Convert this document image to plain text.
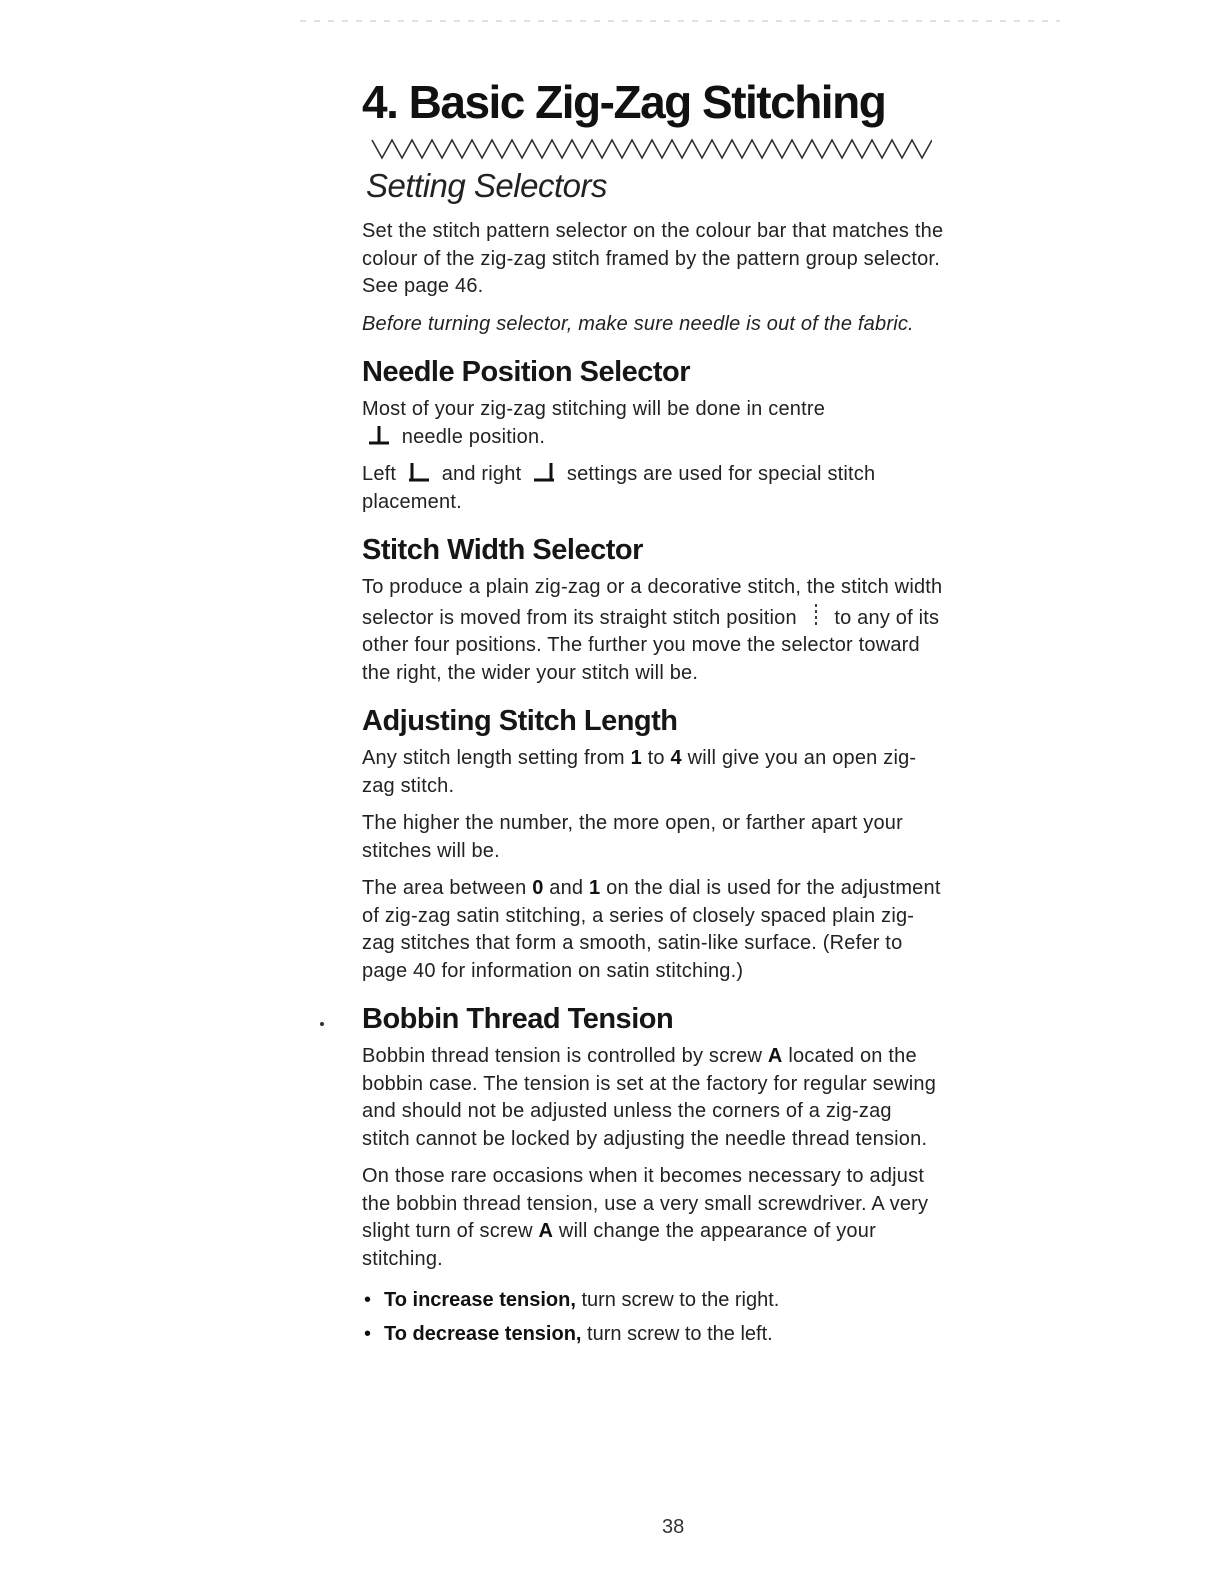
4. Basic Zig-Zag Stitching
Setting Selectors

Set the stitch pattern selector on the colour bar that matches the colour of the zig-zag stitch framed by the pattern group selector. See page 46.

Before turning selector, make sure needle is out of the fabric.

Needle Position Selector

Most of your zig-zag stitching will be done in centre

needle position.

Left and right settings are used for special stitch placement.

Stitch Width Selector

To produce a plain zig-zag or a decorative stitch, the stitch width selector is moved from its straight stitch position to any of its other four positions. The further you move the selector toward the right, the wider your stitch will be.

Adjusting Stitch Length

Any stitch length setting from 1 to 4 will give you an open zig-zag stitch.

The higher the number, the more open, or farther apart your stitches will be.

The area between 0 and 1 on the dial is used for the adjustment of zig-zag satin stitching, a series of closely spaced plain zig-zag stitches that form a smooth, satin-like surface. (Refer to page 40 for information on satin stitching.)

Bobbin Thread Tension

Bobbin thread tension is controlled by screw A located on the bobbin case. The tension is set at the factory for regular sewing and should not be adjusted unless the corners of a zig-zag stitch cannot be locked by adjusting the needle thread tension.

On those rare occasions when it becomes necessary to adjust the bobbin thread tension, use a very small screwdriver. A very slight turn of screw A will change the appearance of your stitching.

• To increase tension, turn screw to the right.
• To decrease tension, turn screw to the left.
38
